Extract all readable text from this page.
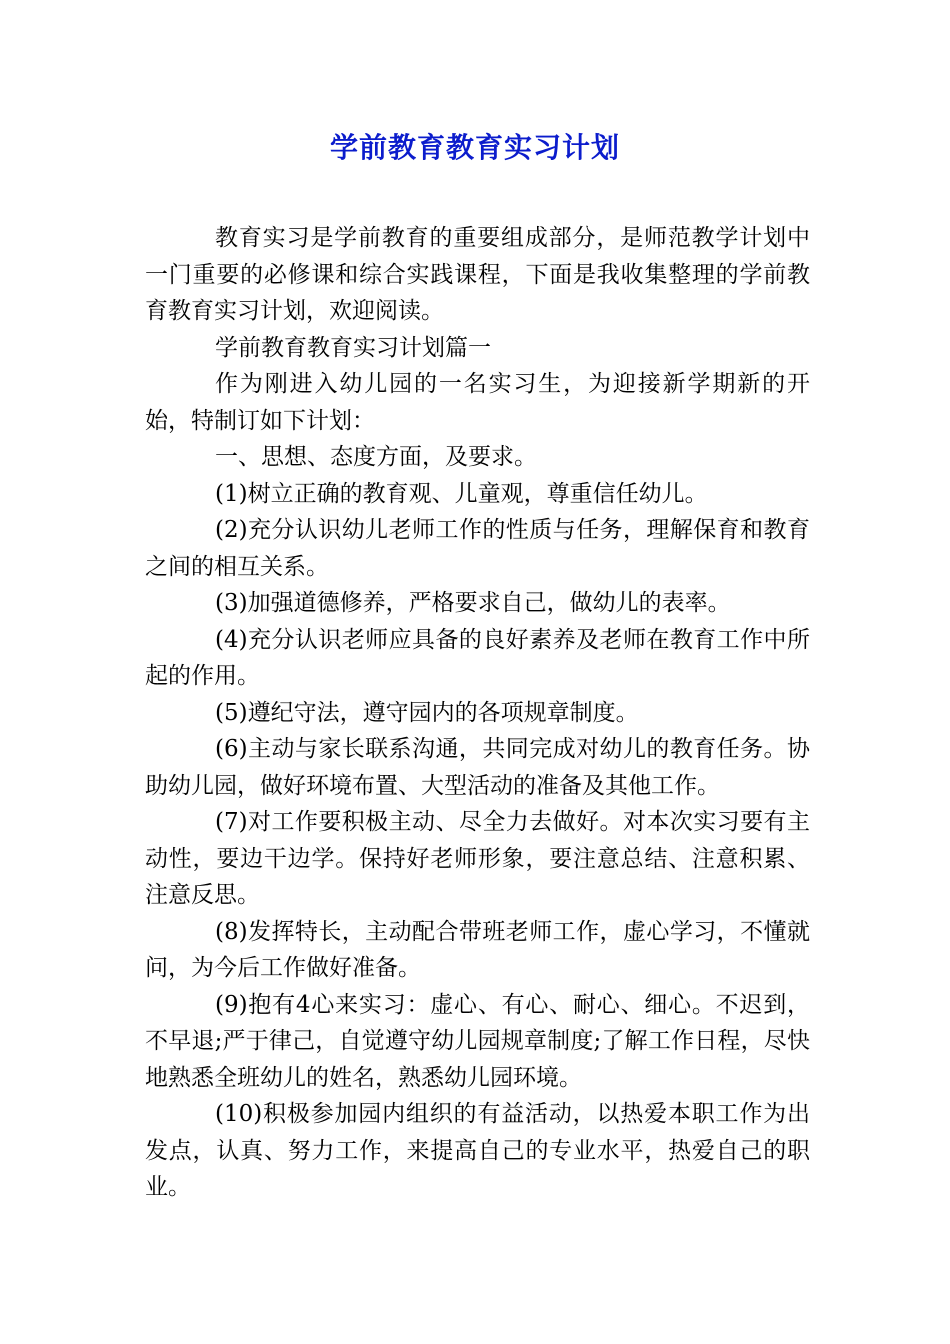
学前教育教育实习计划

教育实习是学前教育的重要组成部分，是师范教学计划中一门重要的必修课和综合实践课程，下面是我收集整理的学前教育教育实习计划，欢迎阅读。

学前教育教育实习计划篇一

作为刚进入幼儿园的一名实习生，为迎接新学期新的开始，特制订如下计划：

一、思想、态度方面，及要求。

(1)树立正确的教育观、儿童观，尊重信任幼儿。

(2)充分认识幼儿老师工作的性质与任务，理解保育和教育之间的相互关系。

(3)加强道德修养，严格要求自己，做幼儿的表率。

(4)充分认识老师应具备的良好素养及老师在教育工作中所起的作用。

(5)遵纪守法，遵守园内的各项规章制度。

(6)主动与家长联系沟通，共同完成对幼儿的教育任务。协助幼儿园，做好环境布置、大型活动的准备及其他工作。

(7)对工作要积极主动、尽全力去做好。对本次实习要有主动性，要边干边学。保持好老师形象，要注意总结、注意积累、注意反思。

(8)发挥特长，主动配合带班老师工作，虚心学习，不懂就问，为今后工作做好准备。

(9)抱有4心来实习：虚心、有心、耐心、细心。不迟到，不早退;严于律己，自觉遵守幼儿园规章制度;了解工作日程，尽快地熟悉全班幼儿的姓名，熟悉幼儿园环境。

(10)积极参加园内组织的有益活动，以热爱本职工作为出发点，认真、努力工作，来提高自己的专业水平，热爱自己的职业。
